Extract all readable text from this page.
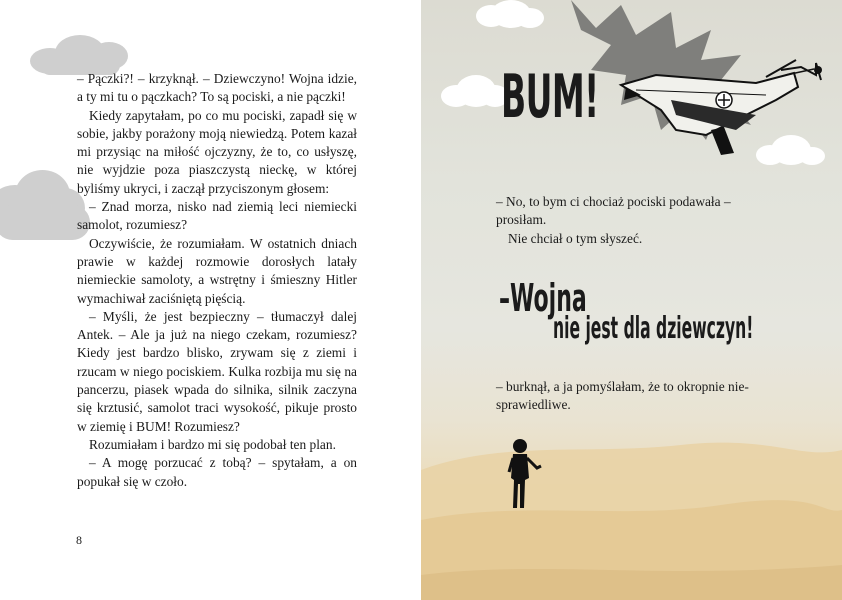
– Pączki?! – krzyknął. – Dziewczyno! Wojna idzie, a ty mi tu o pączkach? To są pociski, a nie pączki!

Kiedy zapytałam, po co mu pociski, zapadł się w sobie, jakby porażony moją niewiedzą. Potem kazał mi przysiąc na miłość ojczyzny, że to, co usłyszę, nie wyjdzie poza piaszczystą nieckę, w której byliśmy ukryci, i zaczął przyciszonym głosem:

– Znad morza, nisko nad ziemią leci niemiecki samolot, rozumiesz?

Oczywiście, że rozumiałam. W ostatnich dniach prawie w każdej rozmowie dorosłych latały niemieckie samoloty, a wstrętny i śmieszny Hitler wymachiwał zaciśniętą pięścią.

– Myśli, że jest bezpieczny – tłumaczył dalej Antek. – Ale ja już na niego czekam, rozumiesz? Kiedy jest bardzo blisko, zrywam się z ziemi i rzucam w niego pociskiem. Kulka rozbija mu się na pancerzu, piasek wpada do silnika, silnik zaczyna się krztusić, samolot traci wysokość, pikuje prosto w ziemię i BUM! Rozumiesz?

Rozumiałam i bardzo mi się podobał ten plan.

– A mogę porzucać z tobą? – spytałam, a on popukał się w czoło.

8
BUM!
– No, to bym ci chociaż pociski podawała –
prosiłam.
Nie chciał o tym słyszeć.
–Wojna
nie jest dla dziewczyn!
– burknął, a ja pomyślałam, że to okropnie nie-
sprawiedliwe.
